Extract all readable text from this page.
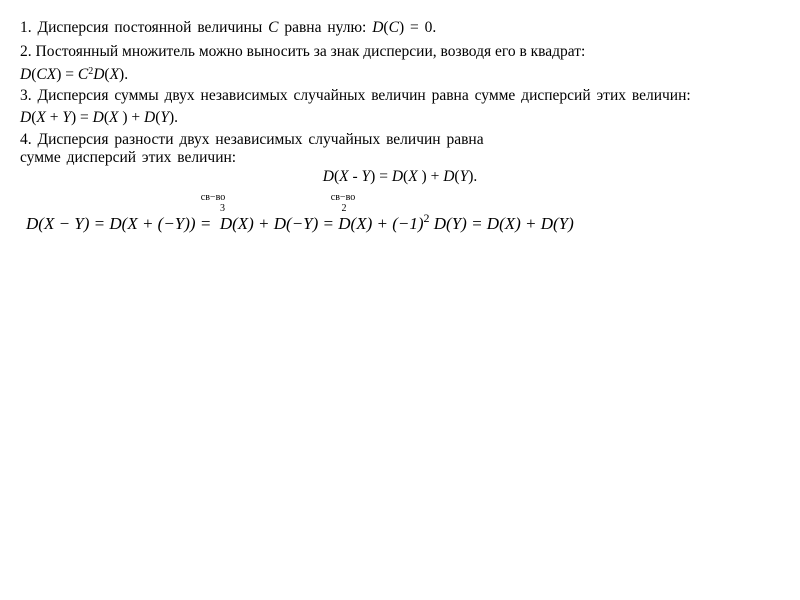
1. Дисперсия постоянной величины C равна нулю: D(C) = 0.
2. Постоянный множитель можно выносить за знак дисперсии, возводя его в квадрат:
$D(CX) = C^2D(X)$.
3. Дисперсия суммы двух независимых случайных величин равна сумме дисперсий этих величин:
D(X + Y) = D(X ) + D(Y).
4. Дисперсия разности двух независимых случайных величин равна
сумме дисперсий этих величин:
D(X - Y) = D(X ) + D(Y).
св−во
3
св−во
2
$D(X - Y) = D(X + (-Y)) = D(X) + D(-Y) = D(X) + (-1)^2$ D(Y) = D(X) + D(Y)
